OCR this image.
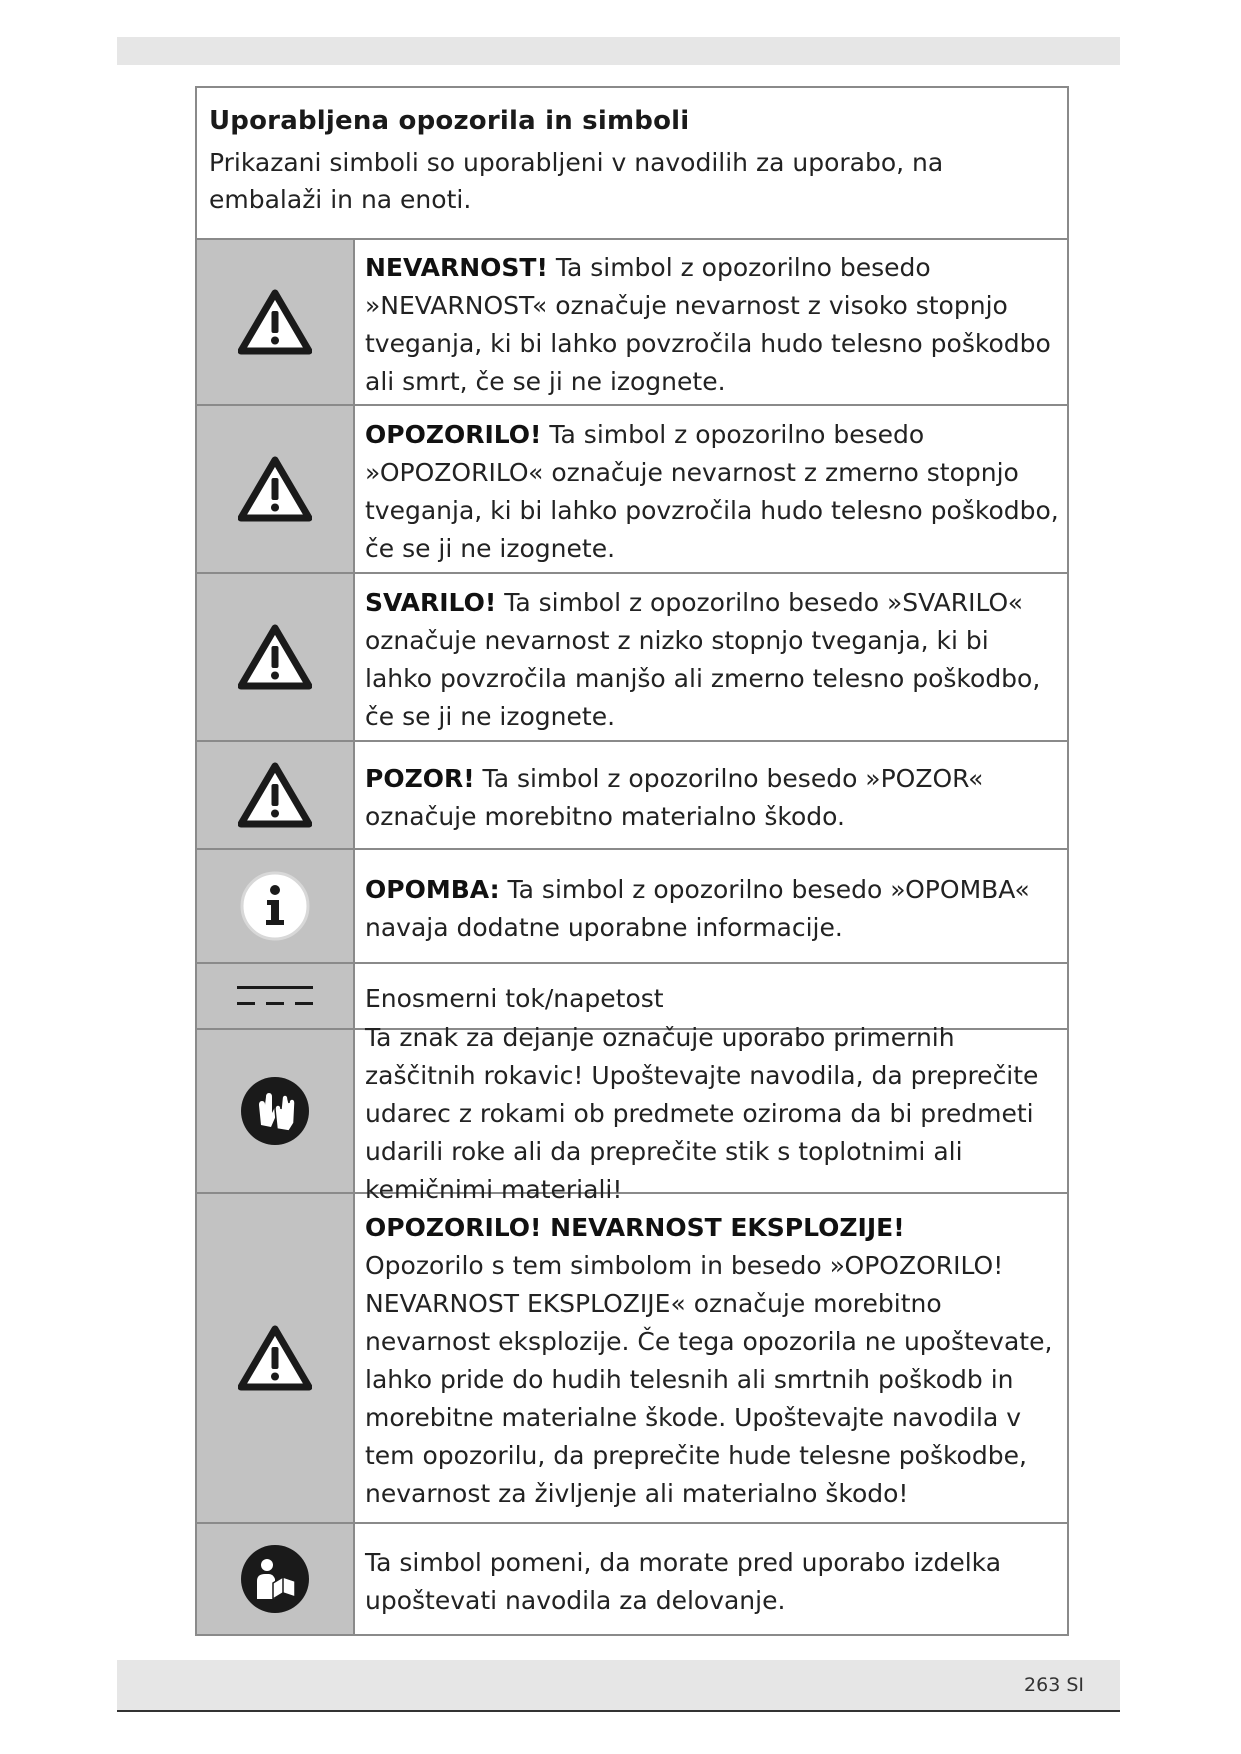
Uporabljena opozorila in simboli

Prikazani simboli so uporabljeni v navodilih za uporabo, na embalaži in na enoti.

NEVARNOST! Ta simbol z opozorilno besedo »NEVARNOST« označuje nevarnost z visoko stopnjo tveganja, ki bi lahko povzročila hudo telesno poškodbo ali smrt, če se ji ne izognete.

OPOZORILO! Ta simbol z opozorilno besedo »OPOZORILO« označuje nevarnost z zmerno stopnjo tveganja, ki bi lahko povzročila hudo telesno poškodbo, če se ji ne izognete.

SVARILO! Ta simbol z opozorilno besedo »SVARILO« označuje nevarnost z nizko stopnjo tveganja, ki bi lahko povzročila manjšo ali zmerno telesno poškodbo, če se ji ne izognete.

POZOR! Ta simbol z opozorilno besedo »POZOR« označuje morebitno materialno škodo.

OPOMBA: Ta simbol z opozorilno besedo »OPOMBA« navaja dodatne uporabne informacije.

Enosmerni tok/napetost

Ta znak za dejanje označuje uporabo primernih zaščitnih rokavic! Upoštevajte navodila, da preprečite udarec z rokami ob predmete oziroma da bi predmeti udarili roke ali da preprečite stik s toplotnimi ali kemičnimi materiali!

OPOZORILO! NEVARNOST EKSPLOZIJE!
Opozorilo s tem simbolom in besedo »OPOZORILO! NEVARNOST EKSPLOZIJE« označuje morebitno nevarnost eksplozije. Če tega opozorila ne upoštevate, lahko pride do hudih telesnih ali smrtnih poškodb in morebitne materialne škode. Upoštevajte navodila v tem opozorilu, da preprečite hude telesne poškodbe, nevarnost za življenje ali materialno škodo!

Ta simbol pomeni, da morate pred uporabo izdelka upoštevati navodila za delovanje.

263 SI
